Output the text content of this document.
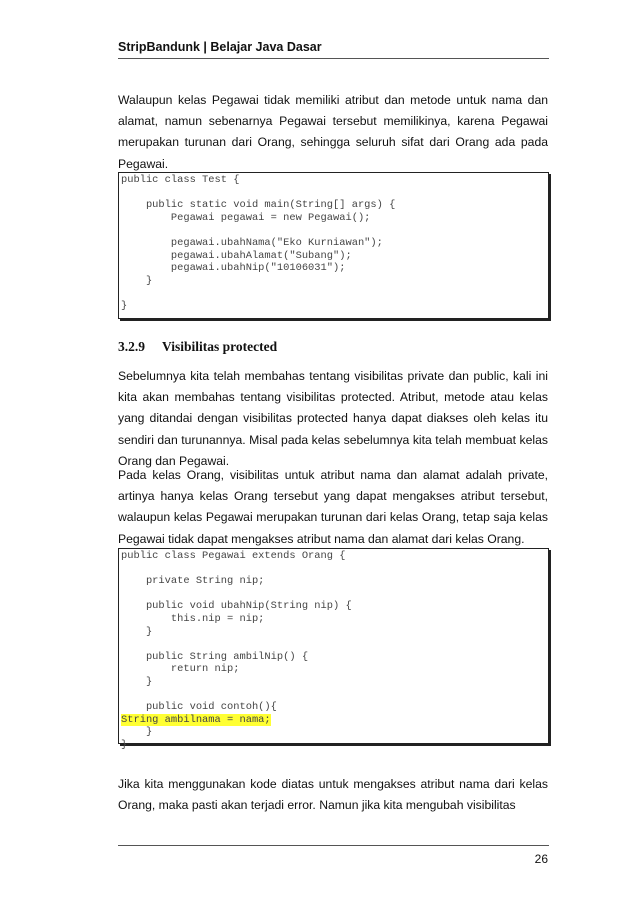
StripBandunk | Belajar Java Dasar

Walaupun kelas Pegawai tidak memiliki atribut dan metode untuk nama dan alamat, namun sebenarnya Pegawai tersebut memilikinya, karena Pegawai merupakan turunan dari Orang, sehingga seluruh sifat dari Orang ada pada Pegawai.

public class Test {

public static void main(String[] args) {
Pegawai pegawai = new Pegawai();

pegawai.ubahNama("Eko Kurniawan");
pegawai.ubahAlamat("Subang");
pegawai.ubahNip("10106031");
}

}
3.2.9 Visibilitas protected

Sebelumnya kita telah membahas tentang visibilitas private dan public, kali ini kita akan membahas tentang visibilitas protected. Atribut, metode atau kelas yang ditandai dengan visibilitas protected hanya dapat diakses oleh kelas itu sendiri dan turunannya. Misal pada kelas sebelumnya kita telah membuat kelas Orang dan Pegawai.

Pada kelas Orang, visibilitas untuk atribut nama dan alamat adalah private, artinya hanya kelas Orang tersebut yang dapat mengakses atribut tersebut, walaupun kelas Pegawai merupakan turunan dari kelas Orang, tetap saja kelas Pegawai tidak dapat mengakses atribut nama dan alamat dari kelas Orang.

public class Pegawai extends Orang {

private String nip;

public void ubahNip(String nip) {
this.nip = nip;
}

public String ambilNip() {
return nip;
}

public void contoh(){
String ambilnama = nama;
}
}

Jika kita menggunakan kode diatas untuk mengakses atribut nama dari kelas Orang, maka pasti akan terjadi error. Namun jika kita mengubah visibilitas

26
